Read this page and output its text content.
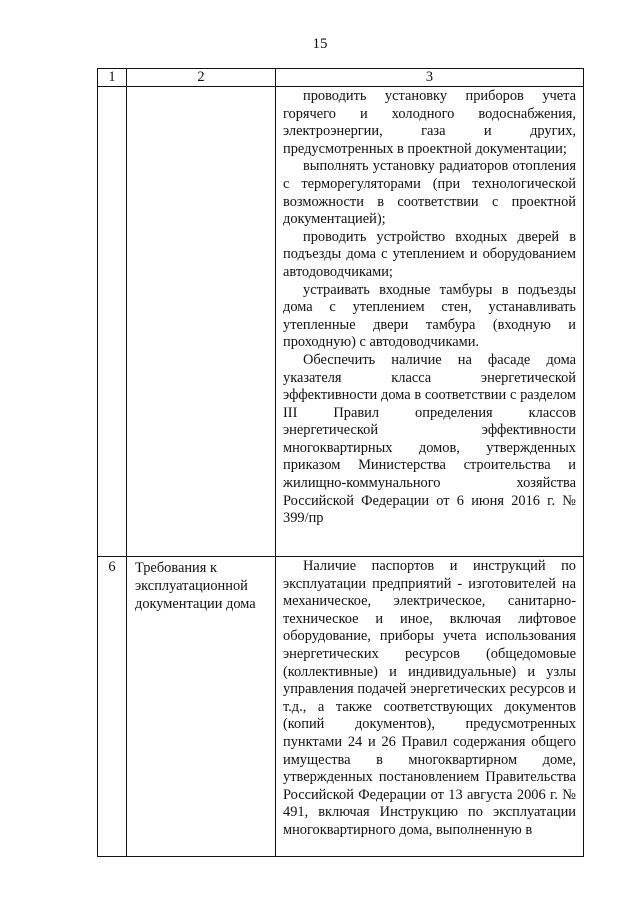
15
1	2	3

		проводить установку приборов учета горячего и холодного водоснабжения, электроэнергии, газа и других, предусмотренных в проектной документации;

выполнять установку радиаторов отопления с терморегуляторами (при технологической возможности в соответствии с проектной документацией);

проводить устройство входных дверей в подъезды дома с утеплением и оборудованием автодоводчиками;

устраивать входные тамбуры в подъезды дома с утеплением стен, устанавливать утепленные двери тамбура (входную и проходную) с автодоводчиками.

Обеспечить наличие на фасаде дома указателя класса энергетической эффективности дома в соответствии с разделом III Правил определения классов энергетической эффективности многоквартирных домов, утвержденных приказом Министерства строительства и жилищно-коммунального хозяйства Российской Федерации от 6 июня 2016 г. № 399/пр

6	Требования к эксплуатационной документации дома	Наличие паспортов и инструкций по эксплуатации предприятий - изготовителей на механическое, электрическое, санитарно-техническое и иное, включая лифтовое оборудование, приборы учета использования энергетических ресурсов (общедомовые (коллективные) и индивидуальные) и узлы управления подачей энергетических ресурсов и т.д., а также соответствующих документов (копий документов), предусмотренных пунктами 24 и 26 Правил содержания общего имущества в многоквартирном доме, утвержденных постановлением Правительства Российской Федерации от 13 августа 2006 г. № 491, включая Инструкцию по эксплуатации многоквартирного дома, выполненную в
